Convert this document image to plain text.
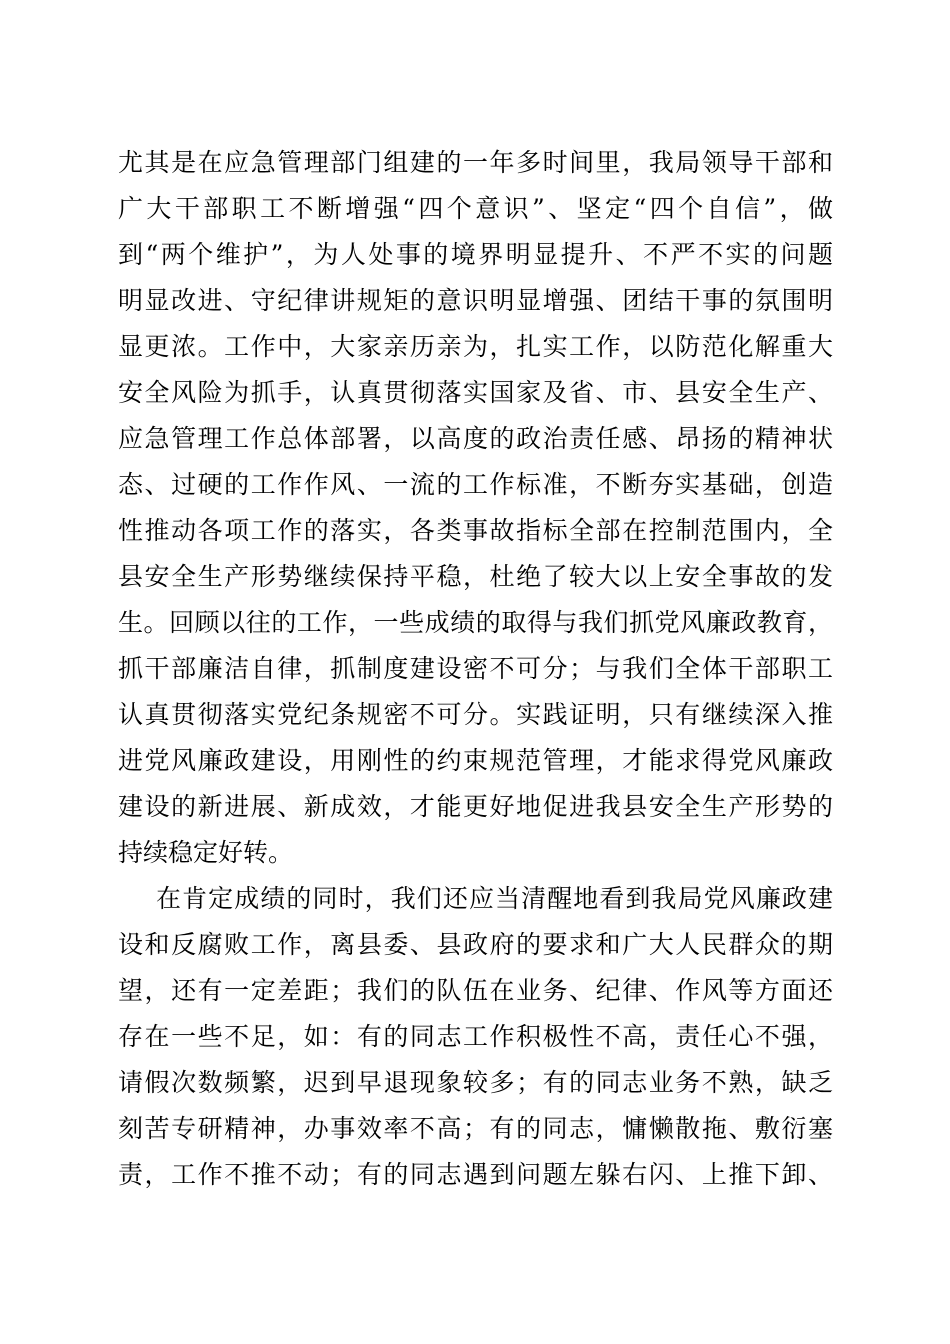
尤其是在应急管理部门组建的一年多时间里，我局领导干部和
广大干部职工不断增强“四个意识”、坚定“四个自信”，做
到“两个维护”，为人处事的境界明显提升、不严不实的问题
明显改进、守纪律讲规矩的意识明显增强、团结干事的氛围明
显更浓。工作中，大家亲历亲为，扎实工作，以防范化解重大
安全风险为抓手，认真贯彻落实国家及省、市、县安全生产、
应急管理工作总体部署，以高度的政治责任感、昂扬的精神状
态、过硬的工作作风、一流的工作标准，不断夯实基础，创造
性推动各项工作的落实，各类事故指标全部在控制范围内，全
县安全生产形势继续保持平稳，杜绝了较大以上安全事故的发
生。回顾以往的工作，一些成绩的取得与我们抓党风廉政教育，
抓干部廉洁自律，抓制度建设密不可分；与我们全体干部职工
认真贯彻落实党纪条规密不可分。实践证明，只有继续深入推
进党风廉政建设，用刚性的约束规范管理，才能求得党风廉政
建设的新进展、新成效，才能更好地促进我县安全生产形势的
持续稳定好转。
在肯定成绩的同时，我们还应当清醒地看到我局党风廉政建
设和反腐败工作，离县委、县政府的要求和广大人民群众的期
望，还有一定差距；我们的队伍在业务、纪律、作风等方面还
存在一些不足，如：有的同志工作积极性不高，责任心不强，
请假次数频繁，迟到早退现象较多；有的同志业务不熟，缺乏
刻苦专研精神，办事效率不高；有的同志，慵懒散拖、敷衍塞
责，工作不推不动；有的同志遇到问题左躲右闪、上推下卸、
